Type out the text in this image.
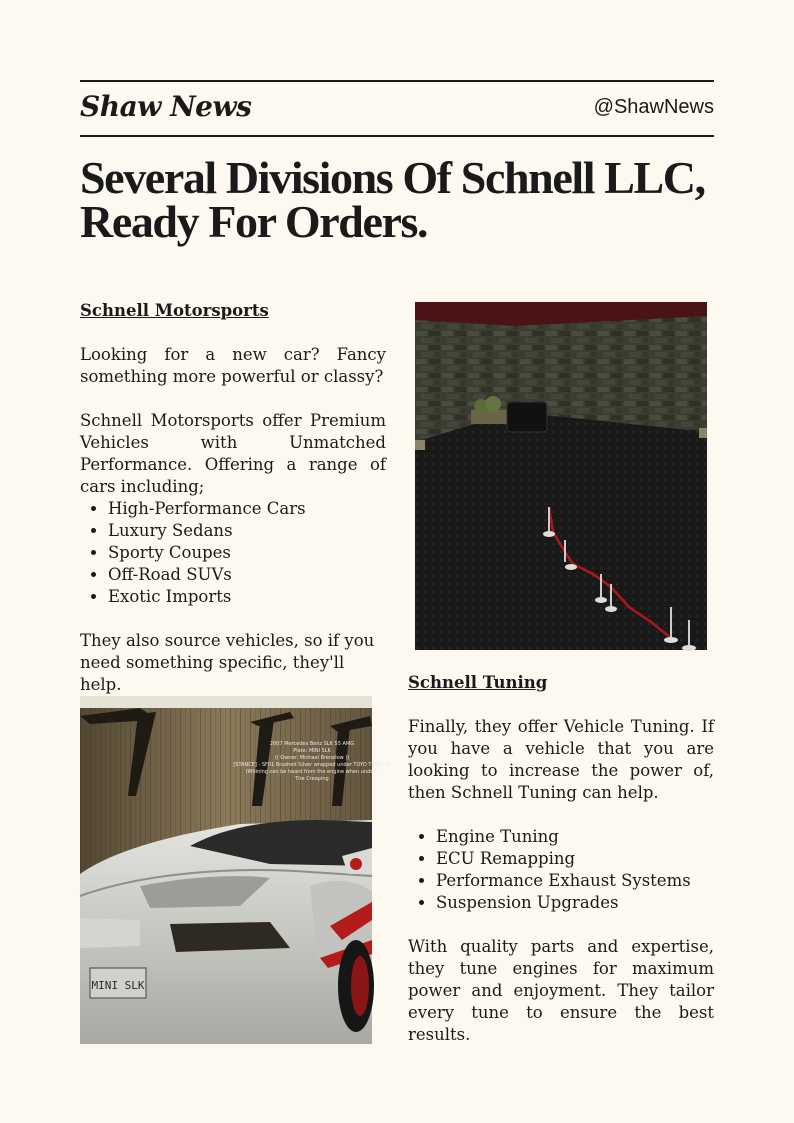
Shaw News	@ShawNews
Several Divisions Of Schnell LLC, Ready For Orders.
Schnell Motorsports

Looking for a new car? Fancy something more powerful or classy?

Schnell Motorsports offer Premium Vehicles with Unmatched Performance. Offering a range of cars including;

• High-Performance Cars
• Luxury Sedans
• Sporty Coupes
• Off-Road SUVs
• Exotic Imports

They also source vehicles, so if you need something specific, they'll help.

2007 Mercedes Benz SLK 55 AMG
Plate: MINI SLK
(( Owner: Michael Brenelow ))
[STANCE] - SF01 Brushed Silver wrapped under TOYO TIRES - F
(Whining can be heard from the engine when under l
Tire Creeping
MINI SLK
Schnell Tuning

Finally, they offer Vehicle Tuning. If you have a vehicle that you are looking to increase the power of, then Schnell Tuning can help.

• Engine Tuning
• ECU Remapping
• Performance Exhaust Systems
• Suspension Upgrades

With quality parts and expertise, they tune engines for maximum power and enjoyment. They tailor every tune to ensure the best results.
